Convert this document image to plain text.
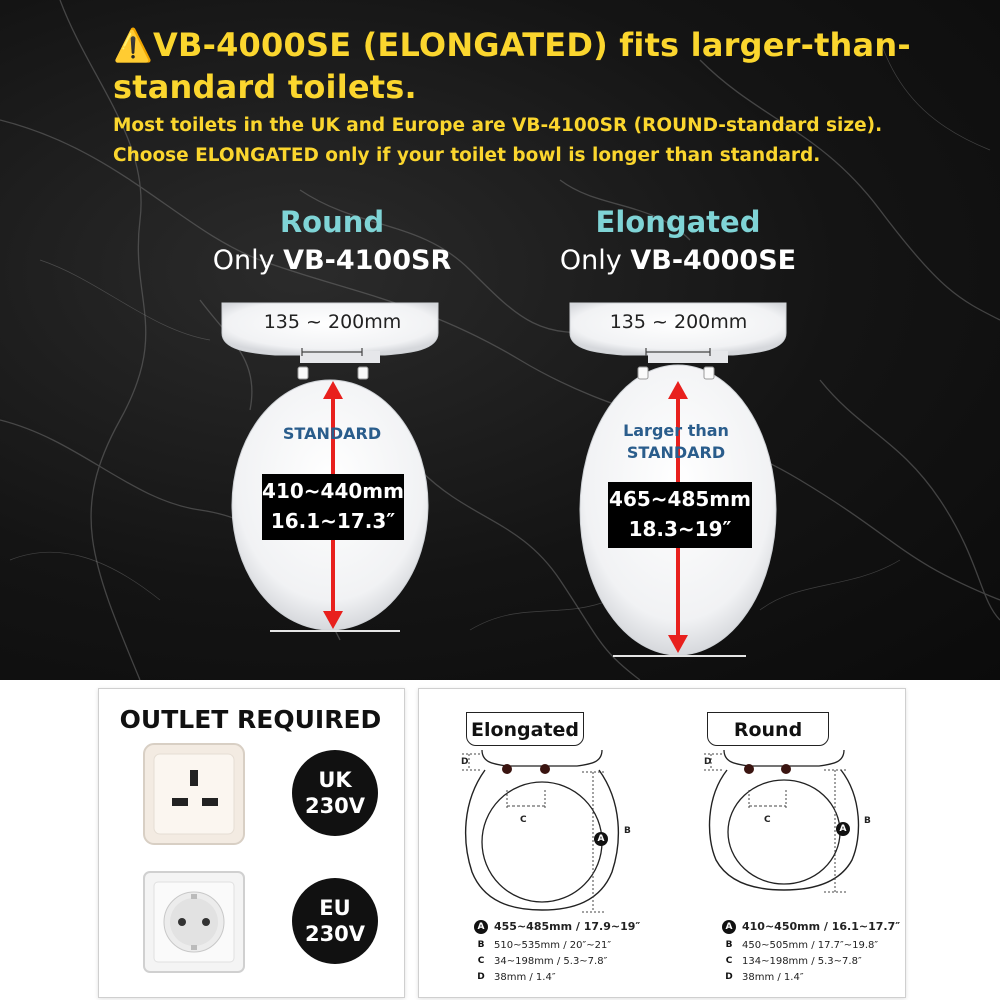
⚠️VB-4000SE (ELONGATED) fits larger-than-
standard toilets.
Most toilets in the UK and Europe are VB-4100SR (ROUND-standard size).
Choose ELONGATED only if your toilet bowl is longer than standard.
Round
Only VB-4100SR
Elongated
Only VB-4000SE
135 ~ 200mm
STANDARD
410~440mm
16.1~17.3″
135 ~ 200mm
Larger than
STANDARD
465~485mm
18.3~19″
OUTLET REQUIRED
UK
230V
EU
230V
Elongated
D
C
A
B
A 455~485mm / 17.9~19″
B 510~535mm / 20″~21″
C 34~198mm / 5.3~7.8″
D 38mm / 1.4″
Round
D
C
A
B
A 410~450mm / 16.1~17.7″
B 450~505mm / 17.7″~19.8″
C 134~198mm / 5.3~7.8″
D 38mm / 1.4″
